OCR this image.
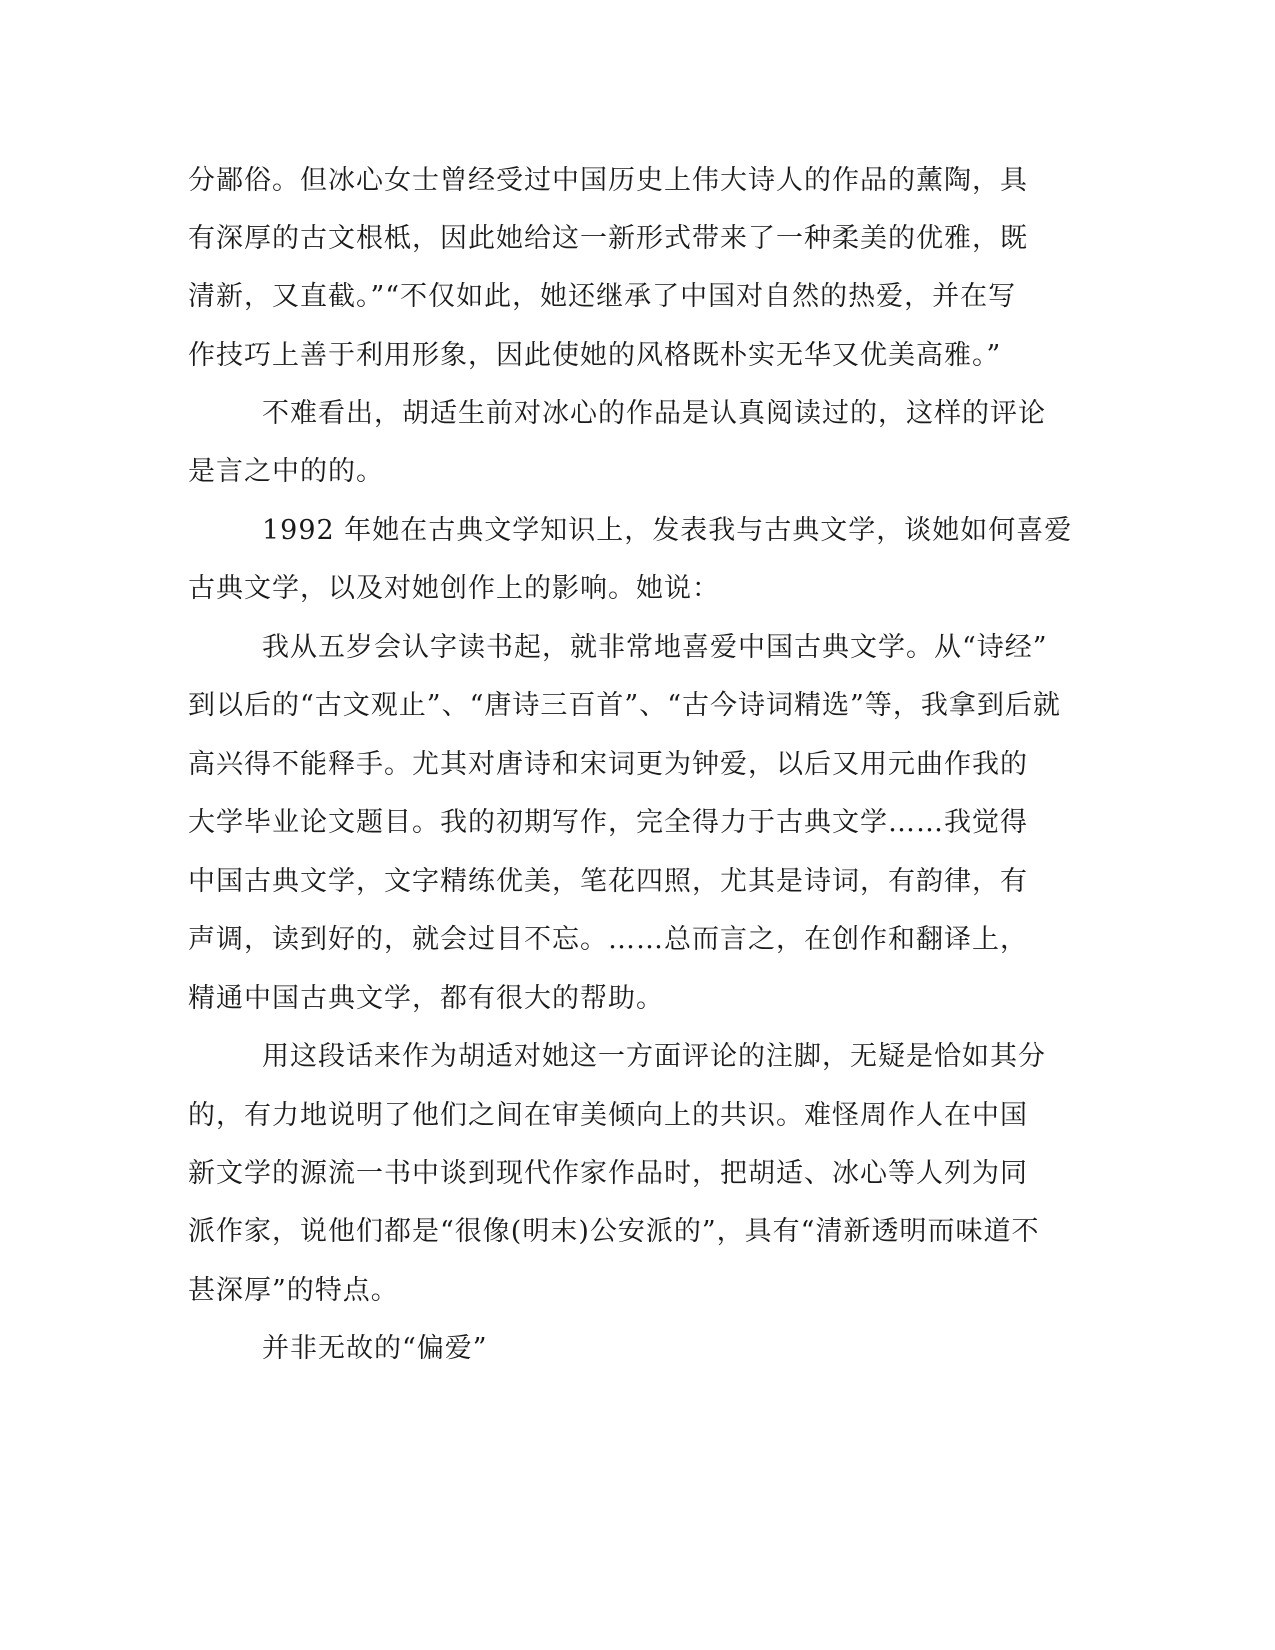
分鄙俗。但冰心女士曾经受过中国历史上伟大诗人的作品的薰陶，具
有深厚的古文根柢，因此她给这一新形式带来了一种柔美的优雅，既
清新，又直截。”“不仅如此，她还继承了中国对自然的热爱，并在写
作技巧上善于利用形象，因此使她的风格既朴实无华又优美高雅。”
不难看出，胡适生前对冰心的作品是认真阅读过的，这样的评论
是言之中的的。
1992 年她在古典文学知识上，发表我与古典文学，谈她如何喜爱
古典文学，以及对她创作上的影响。她说：
我从五岁会认字读书起，就非常地喜爱中国古典文学。从“诗经”
到以后的“古文观止”、“唐诗三百首”、“古今诗词精选”等，我拿到后就
高兴得不能释手。尤其对唐诗和宋词更为钟爱，以后又用元曲作我的
大学毕业论文题目。我的初期写作，完全得力于古典文学……我觉得
中国古典文学，文字精练优美，笔花四照，尤其是诗词，有韵律，有
声调，读到好的，就会过目不忘。……总而言之，在创作和翻译上，
精通中国古典文学，都有很大的帮助。
用这段话来作为胡适对她这一方面评论的注脚，无疑是恰如其分
的，有力地说明了他们之间在审美倾向上的共识。难怪周作人在中国
新文学的源流一书中谈到现代作家作品时，把胡适、冰心等人列为同
派作家，说他们都是“很像(明末)公安派的”，具有“清新透明而味道不
甚深厚”的特点。
并非无故的“偏爱”
